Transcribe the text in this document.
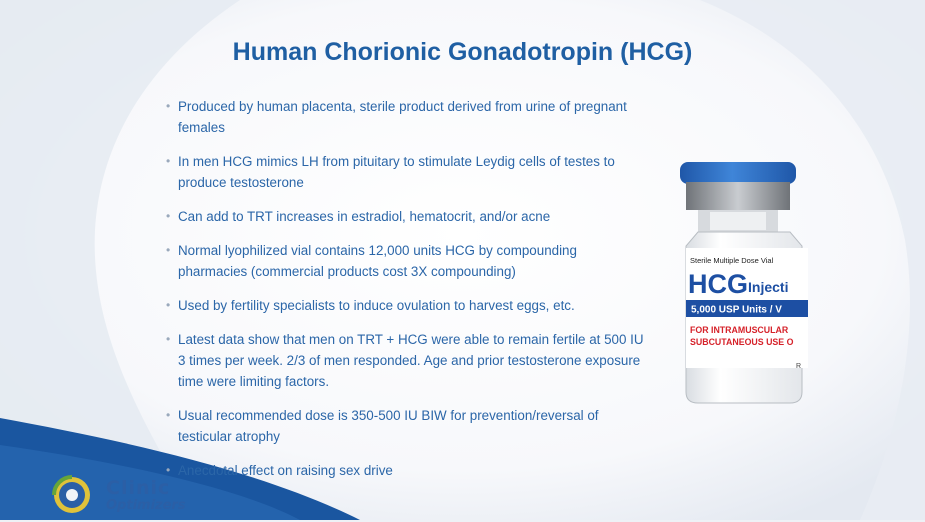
Human Chorionic Gonadotropin (HCG)
• Produced by human placenta, sterile product derived from urine of pregnant females
• In men HCG mimics LH from pituitary to stimulate Leydig cells of testes to produce testosterone
• Can add to TRT increases in estradiol, hematocrit, and/or acne
• Normal lyophilized vial contains 12,000 units HCG by compounding pharmacies (commercial products cost 3X compounding)
• Used by fertility specialists to induce ovulation to harvest eggs, etc.
• Latest data show that men on TRT + HCG were able to remain fertile at 500 IU 3 times per week. 2/3 of men responded. Age and prior testosterone exposure time were limiting factors.
• Usual recommended dose is 350-500 IU BIW for prevention/reversal of testicular atrophy
• Anecdotal effect on raising sex drive
Sterile Multiple Dose Vial
HCG Injecti
5,000 USP Units / V
FOR INTRAMUSCULAR
SUBCUTANEOUS USE O
R
Clinic
Optimizers
